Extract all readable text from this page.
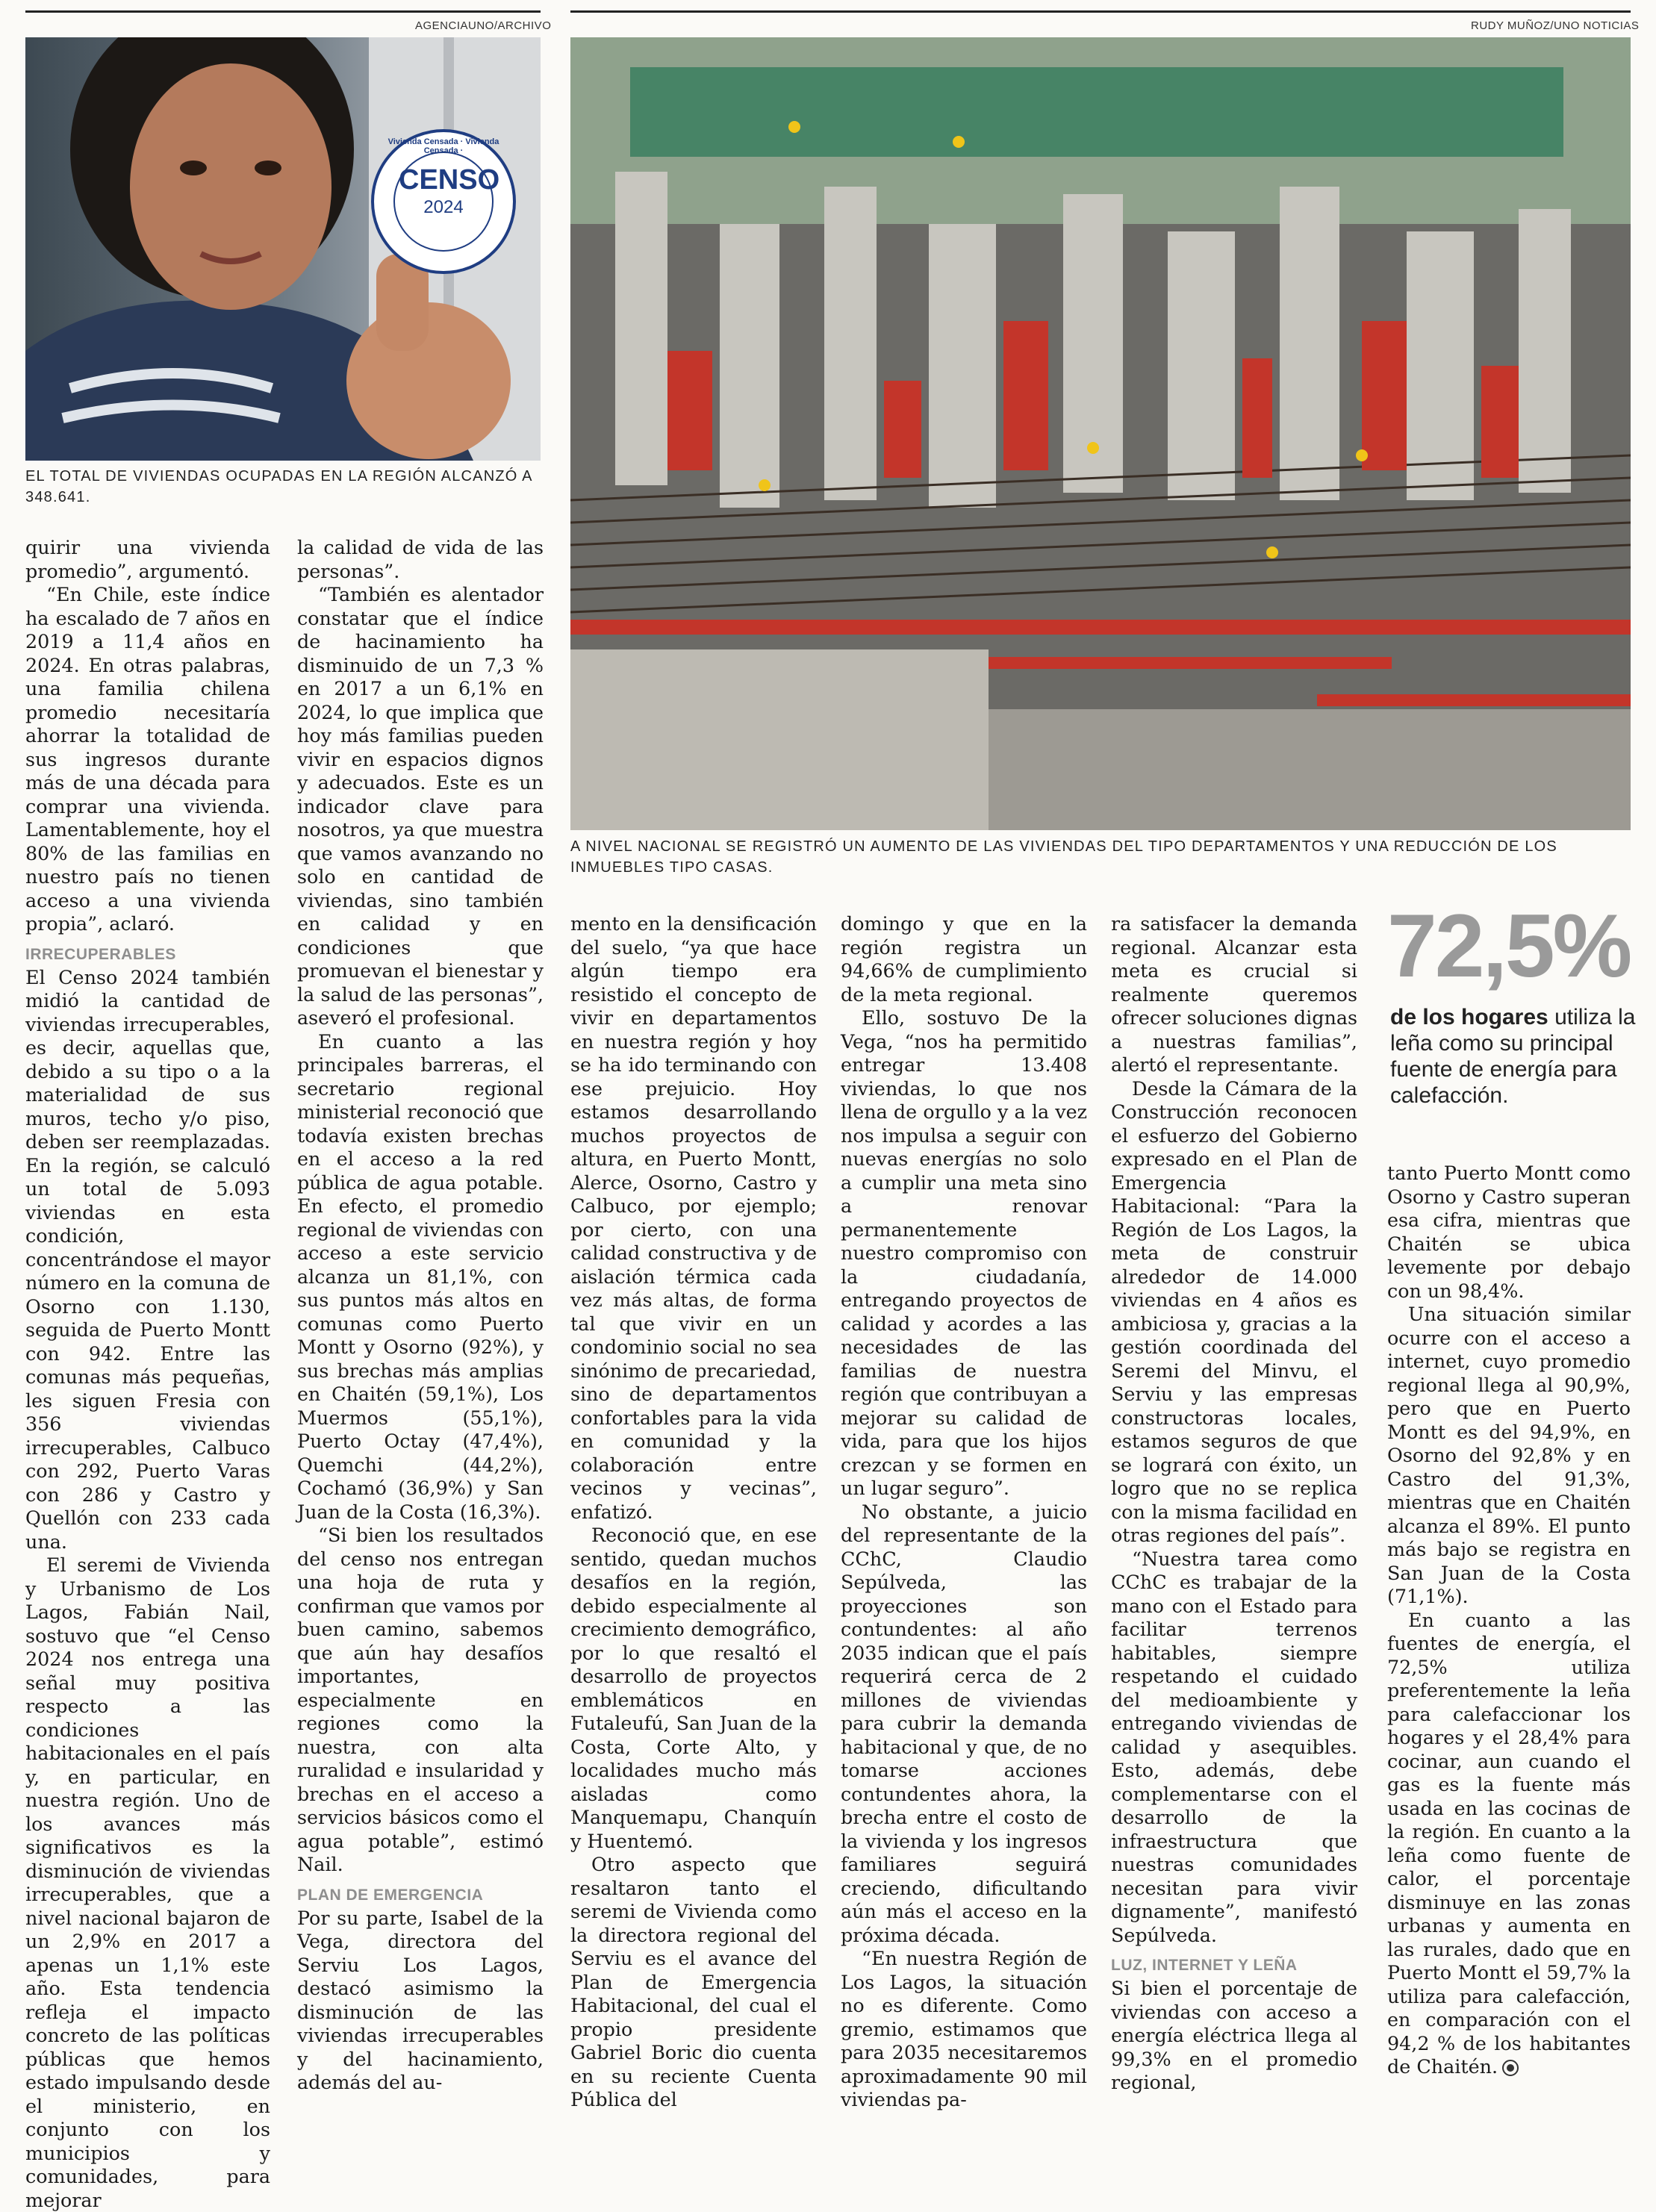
AGENCIAUNO/ARCHIVO	RUDY MUÑOZ/UNO NOTICIAS
CENSO
2024
Vivienda Censada · Vivienda Censada ·
EL TOTAL DE VIVIENDAS OCUPADAS EN LA REGIÓN ALCANZÓ A 348.641.
A NIVEL NACIONAL SE REGISTRÓ UN AUMENTO DE LAS VIVIENDAS DEL TIPO DEPARTAMENTOS Y UNA REDUCCIÓN DE LOS INMUEBLES TIPO CASAS.

quirir una vivienda promedio”, argumentó.

“En Chile, este índice ha escalado de 7 años en 2019 a 11,4 años en 2024. En otras palabras, una familia chilena promedio necesitaría ahorrar la totalidad de sus ingresos durante más de una década para comprar una vivienda. Lamentablemente, hoy el 80% de las familias en nuestro país no tienen acceso a una vivienda propia”, aclaró.

IRRECUPERABLES

El Censo 2024 también midió la cantidad de viviendas irrecuperables, es decir, aquellas que, debido a su tipo o a la materialidad de sus muros, techo y/o piso, deben ser reemplazadas. En la región, se calculó un total de 5.093 viviendas en esta condición, concentrándose el mayor número en la comuna de Osorno con 1.130, seguida de Puerto Montt con 942. Entre las comunas más pequeñas, les siguen Fresia con 356 viviendas irrecuperables, Calbuco con 292, Puerto Varas con 286 y Castro y Quellón con 233 cada una.

El seremi de Vivienda y Urbanismo de Los Lagos, Fabián Nail, sostuvo que “el Censo 2024 nos entrega una señal muy positiva respecto a las condiciones habitacionales en el país y, en particular, en nuestra región. Uno de los avances más significativos es la disminución de viviendas irrecuperables, que a nivel nacional bajaron de un 2,9% en 2017 a apenas un 1,1% este año. Esta tendencia refleja el impacto concreto de las políticas públicas que hemos estado impulsando desde el ministerio, en conjunto con los municipios y comunidades, para mejorar

la calidad de vida de las personas”.

“También es alentador constatar que el índice de hacinamiento ha disminuido de un 7,3 % en 2017 a un 6,1% en 2024, lo que implica que hoy más familias pueden vivir en espacios dignos y adecuados. Este es un indicador clave para nosotros, ya que muestra que vamos avanzando no solo en cantidad de viviendas, sino también en calidad y en condiciones que promuevan el bienestar y la salud de las personas”, aseveró el profesional.

En cuanto a las principales barreras, el secretario regional ministerial reconoció que todavía existen brechas en el acceso a la red pública de agua potable. En efecto, el promedio regional de viviendas con acceso a este servicio alcanza un 81,1%, con sus puntos más altos en comunas como Puerto Montt y Osorno (92%), y sus brechas más amplias en Chaitén (59,1%), Los Muermos (55,1%), Puerto Octay (47,4%), Quemchi (44,2%), Cochamó (36,9%) y San Juan de la Costa (16,3%).

“Si bien los resultados del censo nos entregan una hoja de ruta y confirman que vamos por buen camino, sabemos que aún hay desafíos importantes, especialmente en regiones como la nuestra, con alta ruralidad e insularidad y brechas en el acceso a servicios básicos como el agua potable”, estimó Nail.

PLAN DE EMERGENCIA

Por su parte, Isabel de la Vega, directora del Serviu Los Lagos, destacó asimismo la disminución de las viviendas irrecuperables y del hacinamiento, además del au-

mento en la densificación del suelo, “ya que hace algún tiempo era resistido el concepto de vivir en departamentos en nuestra región y hoy se ha ido terminando con ese prejuicio. Hoy estamos desarrollando muchos proyectos de altura, en Puerto Montt, Alerce, Osorno, Castro y Calbuco, por ejemplo; por cierto, con una calidad constructiva y de aislación térmica cada vez más altas, de forma tal que vivir en un condominio social no sea sinónimo de precariedad, sino de departamentos confortables para la vida en comunidad y la colaboración entre vecinos y vecinas”, enfatizó.

Reconoció que, en ese sentido, quedan muchos desafíos en la región, debido especialmente al crecimiento demográfico, por lo que resaltó el desarrollo de proyectos emblemáticos en Futaleufú, San Juan de la Costa, Corte Alto, y localidades mucho más aisladas como Manquemapu, Chanquín y Huentemó.

Otro aspecto que resaltaron tanto el seremi de Vivienda como la directora regional del Serviu es el avance del Plan de Emergencia Habitacional, del cual el propio presidente Gabriel Boric dio cuenta en su reciente Cuenta Pública del

domingo y que en la región registra un 94,66% de cumplimiento de la meta regional.

Ello, sostuvo De la Vega, “nos ha permitido entregar 13.408 viviendas, lo que nos llena de orgullo y a la vez nos impulsa a seguir con nuevas energías no solo a cumplir una meta sino a renovar permanentemente nuestro compromiso con la ciudadanía, entregando proyectos de calidad y acordes a las necesidades de las familias de nuestra región que contribuyan a mejorar su calidad de vida, para que los hijos crezcan y se formen en un lugar seguro”.

No obstante, a juicio del representante de la CChC, Claudio Sepúlveda, las proyecciones son contundentes: al año 2035 indican que el país requerirá cerca de 2 millones de viviendas para cubrir la demanda habitacional y que, de no tomarse acciones contundentes ahora, la brecha entre el costo de la vivienda y los ingresos familiares seguirá creciendo, dificultando aún más el acceso en la próxima década.

“En nuestra Región de Los Lagos, la situación no es diferente. Como gremio, estimamos que para 2035 necesitaremos aproximadamente 90 mil viviendas pa-

ra satisfacer la demanda regional. Alcanzar esta meta es crucial si realmente queremos ofrecer soluciones dignas a nuestras familias”, alertó el representante.

Desde la Cámara de la Construcción reconocen el esfuerzo del Gobierno expresado en el Plan de Emergencia Habitacional: “Para la Región de Los Lagos, la meta de construir alrededor de 14.000 viviendas en 4 años es ambiciosa y, gracias a la gestión coordinada del Seremi del Minvu, el Serviu y las empresas constructoras locales, estamos seguros de que se logrará con éxito, un logro que no se replica con la misma facilidad en otras regiones del país”.

“Nuestra tarea como CChC es trabajar de la mano con el Estado para facilitar terrenos habitables, siempre respetando el cuidado del medioambiente y entregando viviendas de calidad y asequibles. Esto, además, debe complementarse con el desarrollo de la infraestructura que nuestras comunidades necesitan para vivir dignamente”, manifestó Sepúlveda.

LUZ, INTERNET Y LEÑA

Si bien el porcentaje de viviendas con acceso a energía eléctrica llega al 99,3% en el promedio regional,

72,5%
de los hogares utiliza la leña como su principal fuente de energía para calefacción.

tanto Puerto Montt como Osorno y Castro superan esa cifra, mientras que Chaitén se ubica levemente por debajo con un 98,4%.

Una situación similar ocurre con el acceso a internet, cuyo promedio regional llega al 90,9%, pero que en Puerto Montt es del 94,9%, en Osorno del 92,8% y en Castro del 91,3%, mientras que en Chaitén alcanza el 89%. El punto más bajo se registra en San Juan de la Costa (71,1%).

En cuanto a las fuentes de energía, el 72,5% utiliza preferentemente la leña para calefaccionar los hogares y el 28,4% para cocinar, aun cuando el gas es la fuente más usada en las cocinas de la región. En cuanto a la leña como fuente de calor, el porcentaje disminuye en las zonas urbanas y aumenta en las rurales, dado que en Puerto Montt el 59,7% la utiliza para calefacción, en comparación con el 94,2 % de los habitantes de Chaitén.
